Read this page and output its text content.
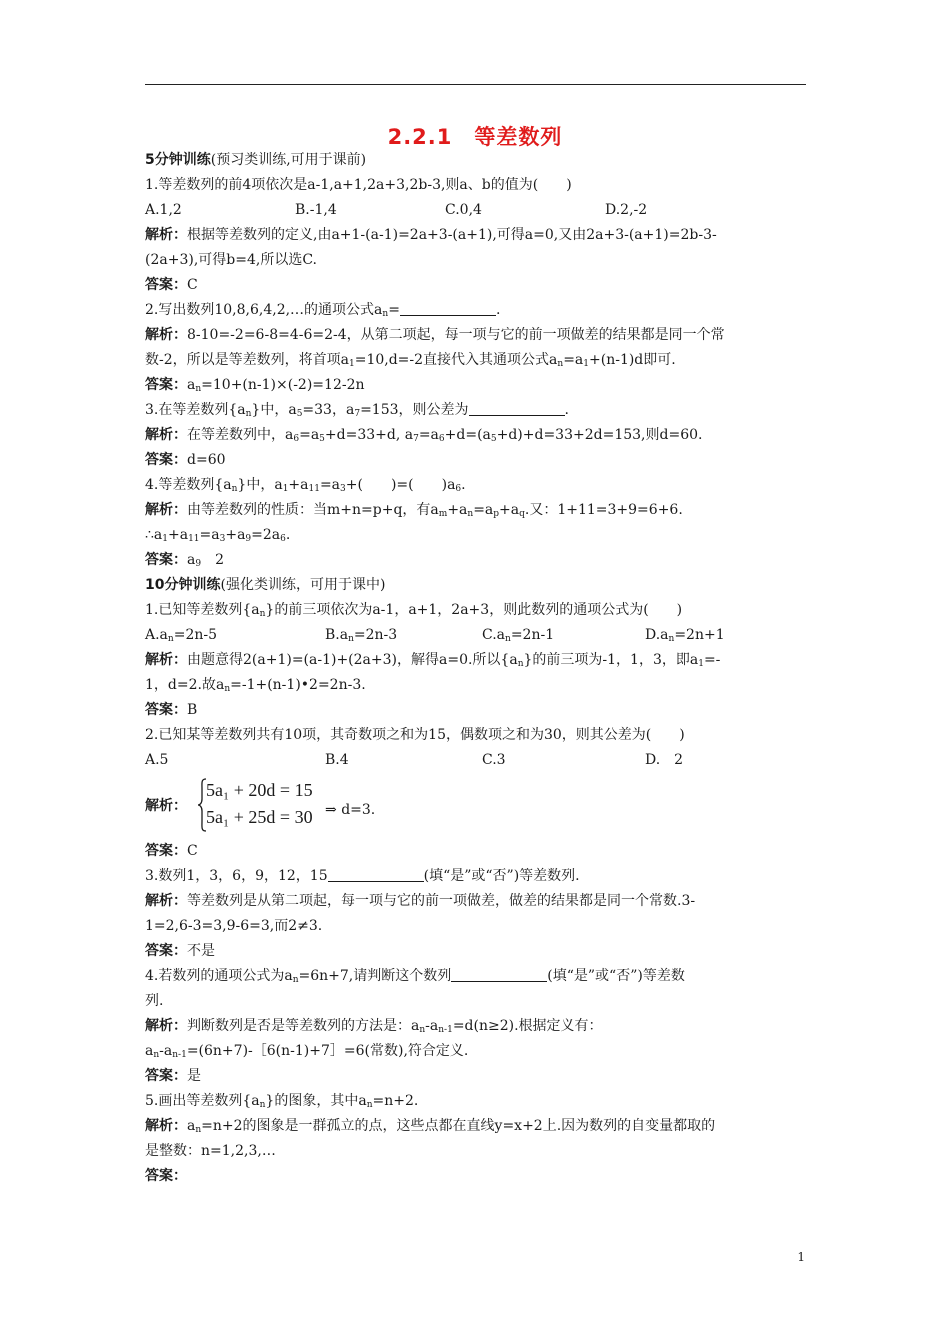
2.2.1　等差数列
5分钟训练(预习类训练,可用于课前)
1.等差数列的前4项依次是a-1,a+1,2a+3,2b-3,则a、b的值为(　　)
A.1,2	B.-1,4	C.0,4	D.2,-2
解析：根据等差数列的定义,由a+1-(a-1)=2a+3-(a+1),可得a=0,又由2a+3-(a+1)=2b-3-
(2a+3),可得b=4,所以选C.
答案：C
2.写出数列10,8,6,4,2,…的通项公式$a_n=$	.
解析：8-10=-2=6-8=4-6=2-4，从第二项起，每一项与它的前一项做差的结果都是同一个常
数-2，所以是等差数列，将首项$a_1=10,d=-2$直接代入其通项公式$a_n=a_1+(n-1)d$即可.
答案：$a_n=10+(n-1)\times(-2)=12-2n$
3.在等差数列$\{a_n\}$中，$a_5=33$，$a_7=153$，则公差为	.
解析：在等差数列中，$a_6=a_5+d=33+d$, $a_7=a_6+d=(a_5+d)+d=33+2d=153$,则d=60.
答案：d=60
4.等差数列$\{a_n\}$中，$a_1+a_{11}=a_3+$(　　)=(　　)$a_6$.
解析：由等差数列的性质：当m+n=p+q，有$a_m+a_n=a_p+a_q$.又：1+11=3+9=6+6.
$\therefore a_1+a_{11}=a_3+a_9=2a_6$.
答案：$a_9$　2
10分钟训练(强化类训练，可用于课中)
1.已知等差数列$\{a_n\}$的前三项依次为a-1，a+1，2a+3，则此数列的通项公式为(　　)
$A.a_n=2n-5$	$B.a_n=2n-3$	$C.a_n=2n-1$	$D.a_n=2n+1$
解析：由题意得2(a+1)=(a-1)+(2a+3)，解得a=0.所以$\{a_n\}$的前三项为-1，1，3，即$a_1=-$
1，d=2.故$a_n=-1+(n-1)•2=2n-3$.
答案：B
2.已知某等差数列共有10项，其奇数项之和为15，偶数项之和为30，则其公差为(　　)
A.5	B.4	C.3	D.　2
解析：
5a₁ + 20d = 15
5a₁ + 25d = 30 ⇒ d=3.
答案：C
3.数列1，3，6，9，12，15	(填“是”或“否”)等差数列.
解析：等差数列是从第二项起，每一项与它的前一项做差，做差的结果都是同一个常数.3-
1=2,6-3=3,9-6=3,而2≠3.
答案：不是
4.若数列的通项公式为$a_n=6n+7$,请判断这个数列	(填“是”或“否”)等差数
列.
解析：判断数列是否是等差数列的方法是：$a_n-a_{n-1}=d(n\ge 2)$.根据定义有：
$a_n-a_{n-1}=(6n+7)-[6(n-1)+7]=6$(常数),符合定义.
答案：是
5.画出等差数列$\{a_n\}$的图象，其中$a_n=n+2$.
解析：$a_n=n+2$的图象是一群孤立的点，这些点都在直线y=x+2上.因为数列的自变量都取的
是整数：n=1,2,3,…
答案：
1
